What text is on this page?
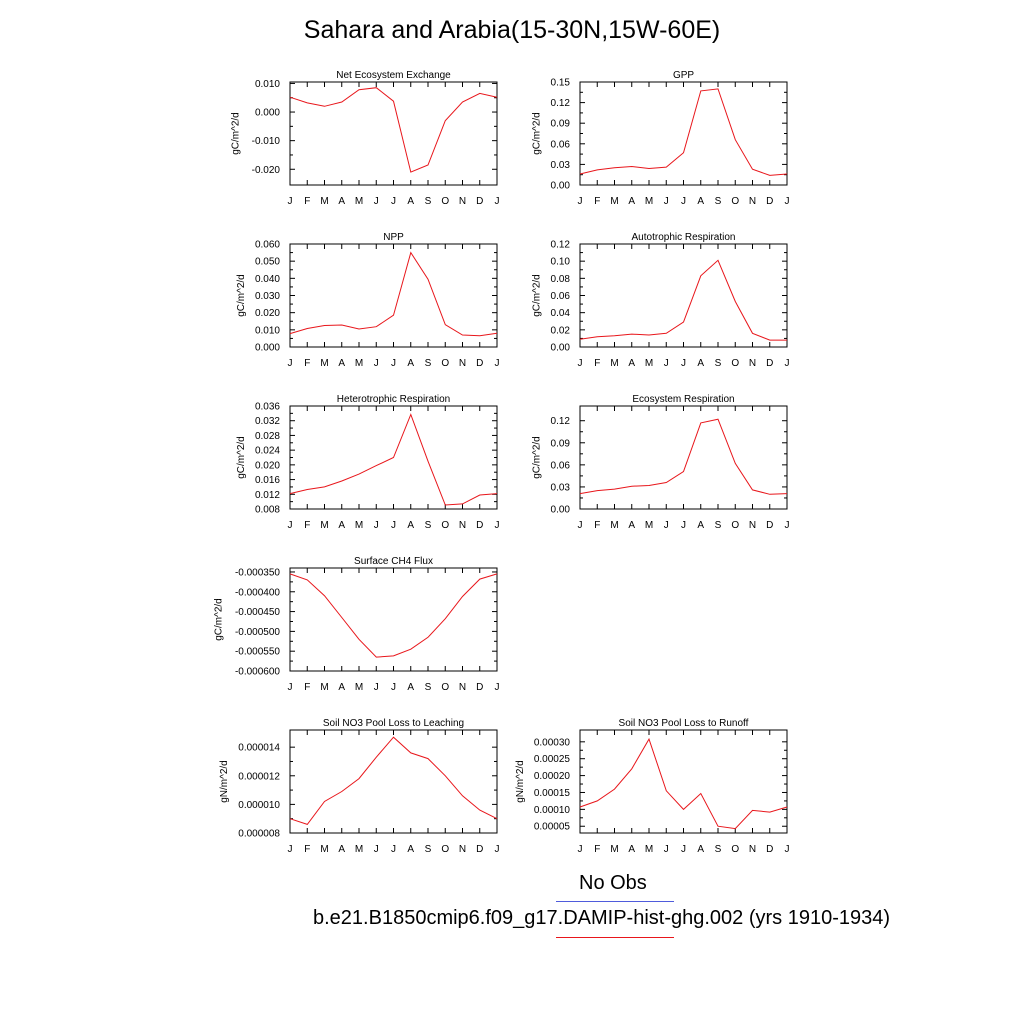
Sahara and Arabia(15-30N,15W-60E)
Net Ecosystem Exchange
J F M A M J J A S O N D J
-0.020
-0.010
0.000
0.010
gC/m^2/d
GPP
J F M A M J J A S O N D J
0.00
0.03
0.06
0.09
0.12
0.15
gC/m^2/d
NPP
J F M A M J J A S O N D J
0.000
0.010
0.020
0.030
0.040
0.050
0.060
gC/m^2/d
Autotrophic Respiration
J F M A M J J A S O N D J
0.00
0.02
0.04
0.06
0.08
0.10
0.12
gC/m^2/d
Heterotrophic Respiration
J F M A M J J A S O N D J
0.008
0.012
0.016
0.020
0.024
0.028
0.032
0.036
gC/m^2/d
Ecosystem Respiration
J F M A M J J A S O N D J
0.00
0.03
0.06
0.09
0.12
gC/m^2/d
Surface CH4 Flux
J F M A M J J A S O N D J
-0.000600
-0.000550
-0.000500
-0.000450
-0.000400
-0.000350
gC/m^2/d
Soil NO3 Pool Loss to Leaching
J F M A M J J A S O N D J
0.000008
0.000010
0.000012
0.000014
gN/m^2/d
Soil NO3 Pool Loss to Runoff
J F M A M J J A S O N D J
0.00005
0.00010
0.00015
0.00020
0.00025
0.00030
gN/m^2/d
No Obs
b.e21.B1850cmip6.f09_g17.DAMIP-hist-ghg.002 (yrs 1910-1934)
